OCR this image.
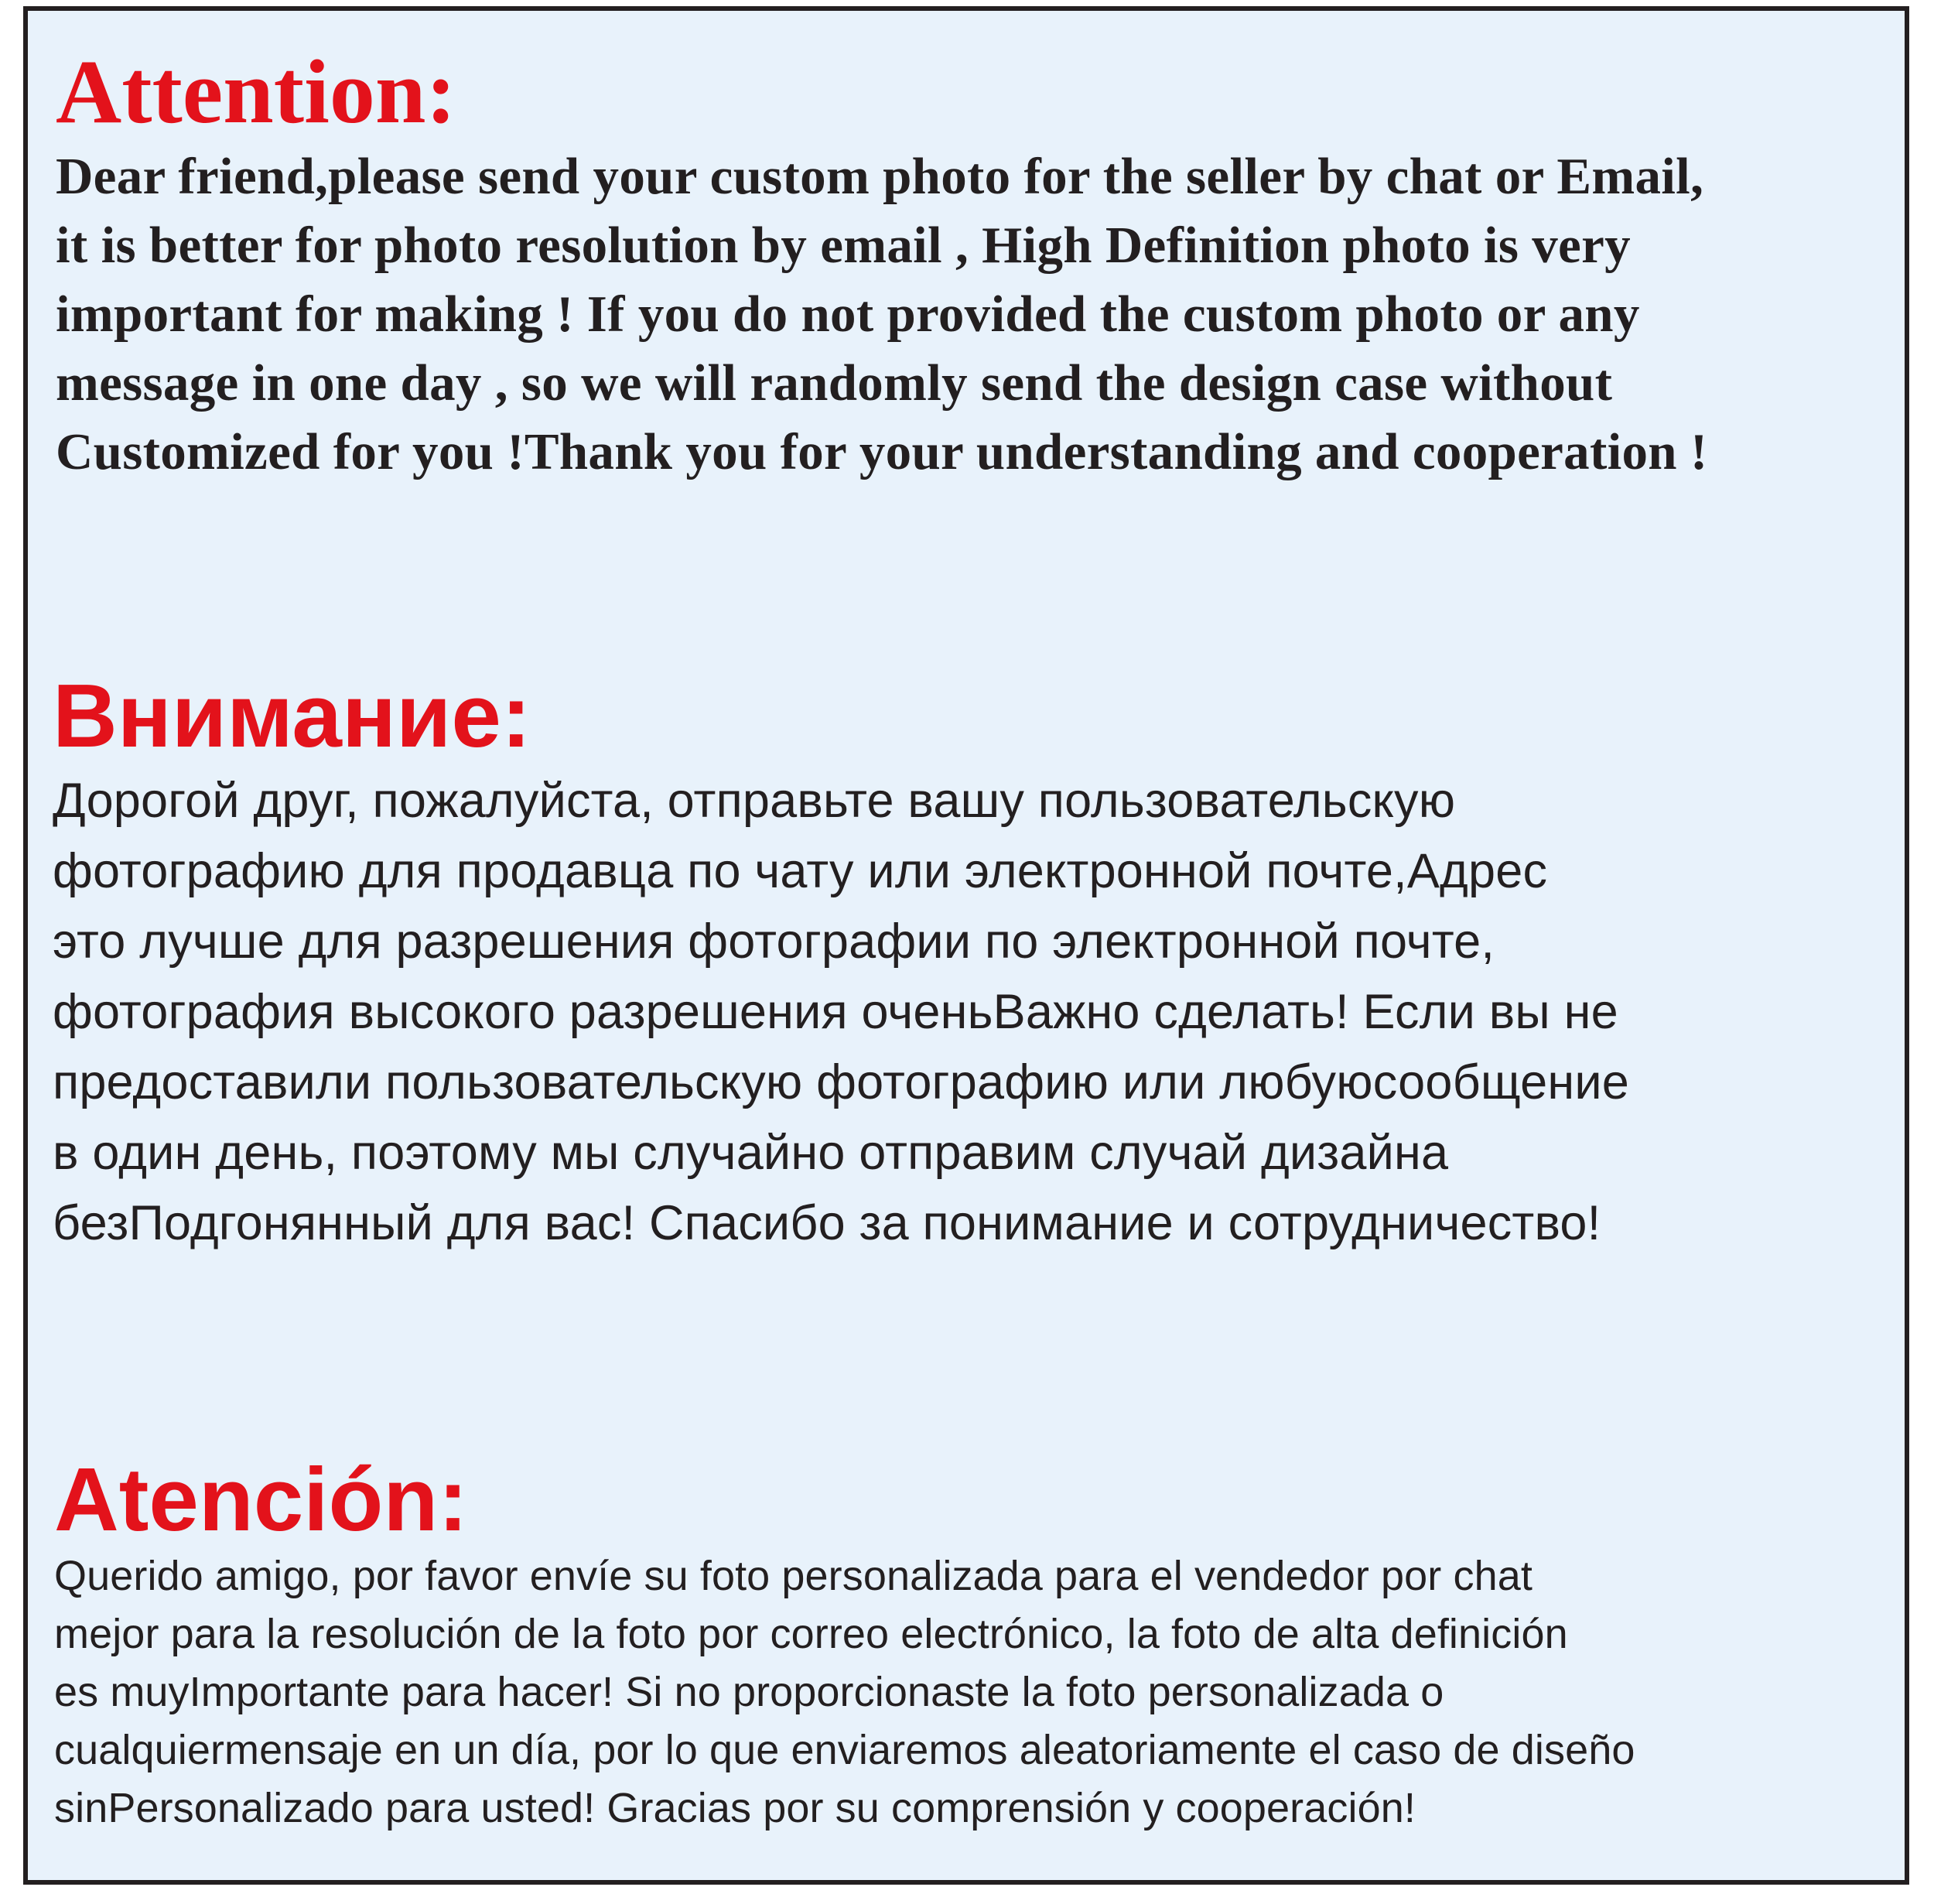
Attention:

Dear friend,please send your custom photo for the seller by chat or Email,

it is better for photo resolution by email , High Definition photo is very

important for making ! If you do not provided the custom photo or any

message in one day , so we will randomly send the design case without

Customized for you !Thank you for your understanding and cooperation !

Внимание:

Дорогой друг, пожалуйста, отправьте вашу пользовательскую

фотографию для продавца по чату или электронной почте,Адрес

это лучше для разрешения фотографии по электронной почте,

фотография высокого разрешения оченьВажно сделать! Если вы не

предоставили пользовательскую фотографию или любуюсообщение

в один день, поэтому мы случайно отправим случай дизайна

безПодгонянный для вас! Спасибо за понимание и сотрудничество!

Atención:

Querido amigo, por favor envíe su foto personalizada para el vendedor por chat

mejor para la resolución de la foto por correo electrónico, la foto de alta definición

es muyImportante para hacer! Si no proporcionaste la foto personalizada o

cualquiermensaje en un día, por lo que enviaremos aleatoriamente el caso de diseño

sinPersonalizado para usted! Gracias por su comprensión y cooperación!
